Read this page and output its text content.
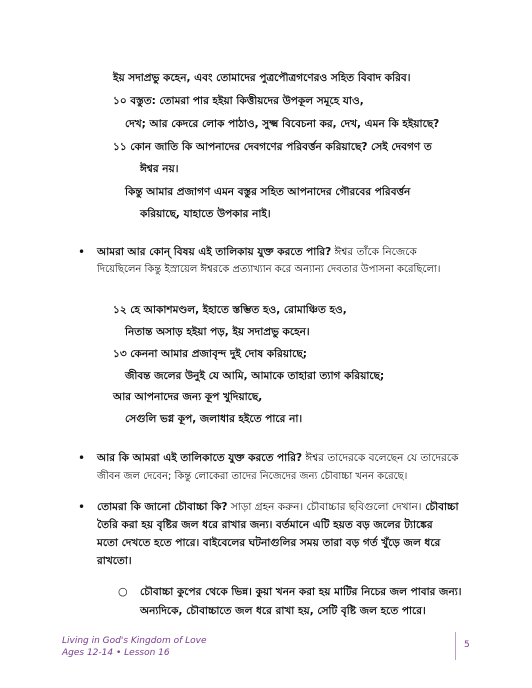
ইয় সদাপ্রভু কহেন, এবং তোমাদের পুত্রপৌত্রগণেরও সহিত বিবাদ করিব।
১০ বস্তুত: তোমরা পার হইয়া কিত্তীয়দের উপকূল সমূহে যাও,
দেখ; আর কেদরে লোক পাঠাও, সুক্ষ্ম বিবেচনা কর, দেখ, এমন কি হইয়াছে?
১১ কোন জাতি কি আপনাদের দেবগণের পরিবর্ত্তন করিয়াছে? সেই দেবগণ ত
ঈশ্বর নয়।
কিন্তু আমার প্রজাগণ এমন বস্তুর সহিত আপনাদের গৌরবের পরিবর্ত্তন
করিয়াছে, যাহাতে উপকার নাই।
• আমরা আর কোন্‌ বিষয় এই তালিকায় যুক্ত করতে পারি? ঈশ্বর তাঁকে নিজেকে
দিয়েছিলেন কিন্তু ইস্রায়েল ঈশ্বরকে প্রত্যাখ্যান করে অন্যান্য দেবতার উপাসনা করেছিলো।
১২ হে আকাশমণ্ডল, ইহাতে স্তম্ভিত হও, রোমাঞ্চিত হও,
নিতান্ত অসাড় হইয়া পড়, ইয় সদাপ্রভু কহেন।
১৩ কেননা আমার প্রজাবৃন্দ দুই দোষ করিয়াছে;
জীবন্ত জলের উনুই যে আমি, আমাকে তাহারা ত্যাগ করিয়াছে;
আর আপনাদের জন্য কূপ খুদিয়াছে,
সেগুলি ভগ্ন কূপ, জলাধার হইতে পারে না।
• আর কি আমরা এই তালিকাতে যুক্ত করতে পারি? ঈশ্বর তাদেরকে বলেছেন যে তাদেরকে
জীবন জল দেবেন; কিন্তু লোকেরা তাদের নিজেদের জন্য চৌবাচ্চা খনন করেছে।
• তোমরা কি জানো চৌবাচ্চা কি? সাড়া গ্রহন করুন। চৌবাচ্চার ছবিগুলো দেখান। চৌবাচ্চা
তৈরি করা হয় বৃষ্টির জল ধরে রাখার জন্য। বর্তমানে এটি হয়ত বড় জলের ট্যাঙ্কের
মতো দেখতে হতে পারে। বাইবেলের ঘটনাগুলির সময় তারা বড় গর্ত খুঁড়ে জল ধরে
রাখতো।
○ চৌবাচ্চা কুপের থেকে ভিন্ন। কুয়া খনন করা হয় মাটির নিচের জল পাবার জন্য।
অন্যদিকে, চৌবাচ্চাতে জল ধরে রাখা হয়, সেটি বৃষ্টি জল হতে পারে।
Living in God's Kingdom of Love
Ages 12-14 • Lesson 16
5
